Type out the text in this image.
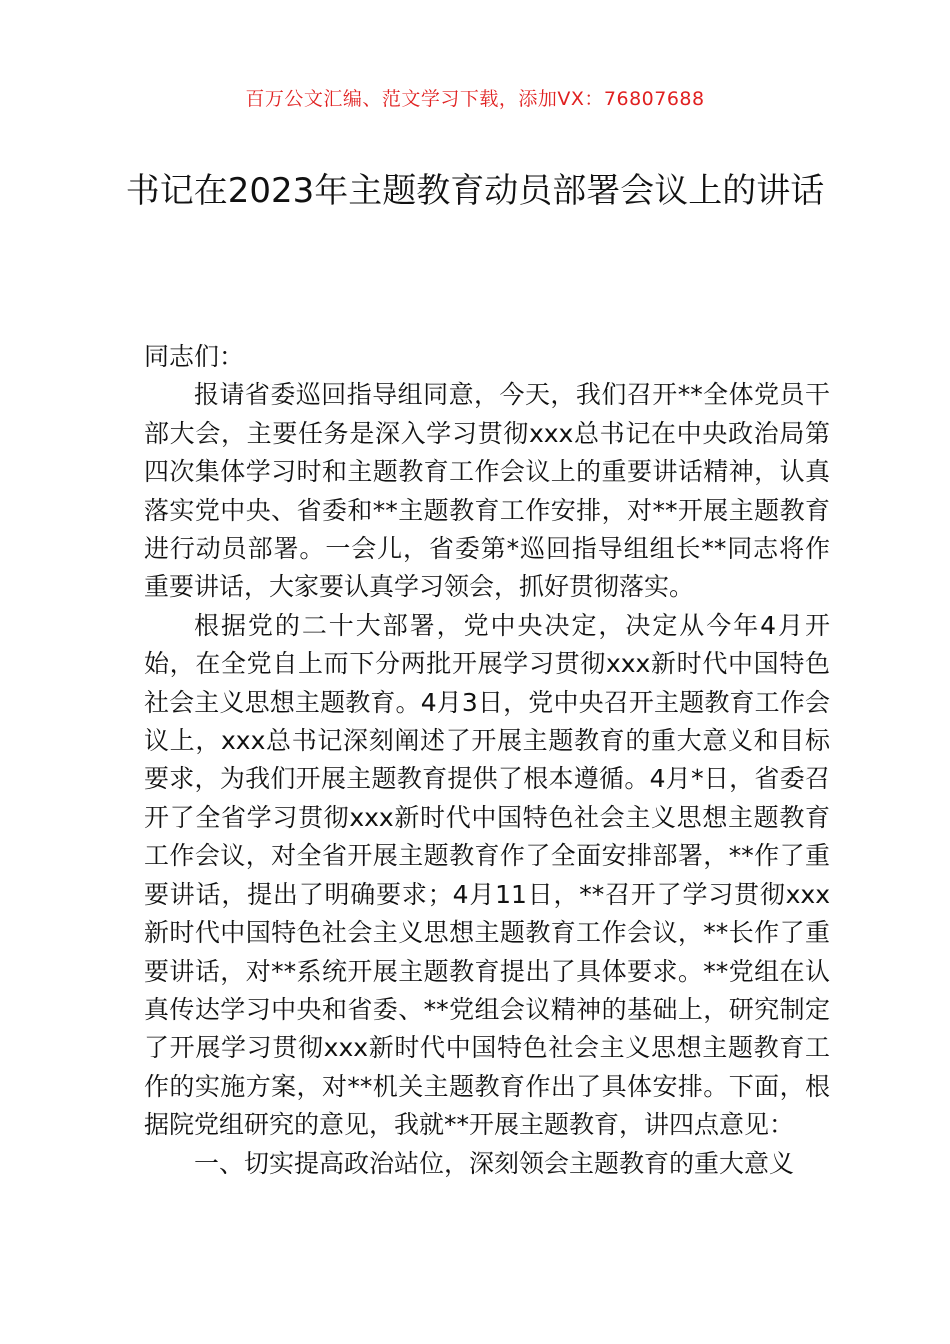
百万公文汇编、范文学习下载，添加VX：76807688
书记在2023年主题教育动员部署会议上的讲话

同志们：

报请省委巡回指导组同意，今天，我们召开**全体党员干部大会，主要任务是深入学习贯彻xxx总书记在中央政治局第四次集体学习时和主题教育工作会议上的重要讲话精神，认真落实党中央、省委和**主题教育工作安排，对**开展主题教育进行动员部署。一会儿，省委第*巡回指导组组长**同志将作重要讲话，大家要认真学习领会，抓好贯彻落实。

根据党的二十大部署，党中央决定，决定从今年4月开始，在全党自上而下分两批开展学习贯彻xxx新时代中国特色社会主义思想主题教育。4月3日，党中央召开主题教育工作会议上，xxx总书记深刻阐述了开展主题教育的重大意义和目标要求，为我们开展主题教育提供了根本遵循。4月*日，省委召开了全省学习贯彻xxx新时代中国特色社会主义思想主题教育工作会议，对全省开展主题教育作了全面安排部署，**作了重要讲话，提出了明确要求；4月11日，**召开了学习贯彻xxx新时代中国特色社会主义思想主题教育工作会议，**长作了重要讲话，对**系统开展主题教育提出了具体要求。**党组在认真传达学习中央和省委、**党组会议精神的基础上，研究制定了开展学习贯彻xxx新时代中国特色社会主义思想主题教育工作的实施方案，对**机关主题教育作出了具体安排。下面，根据院党组研究的意见，我就**开展主题教育，讲四点意见：

一、切实提高政治站位，深刻领会主题教育的重大意义
